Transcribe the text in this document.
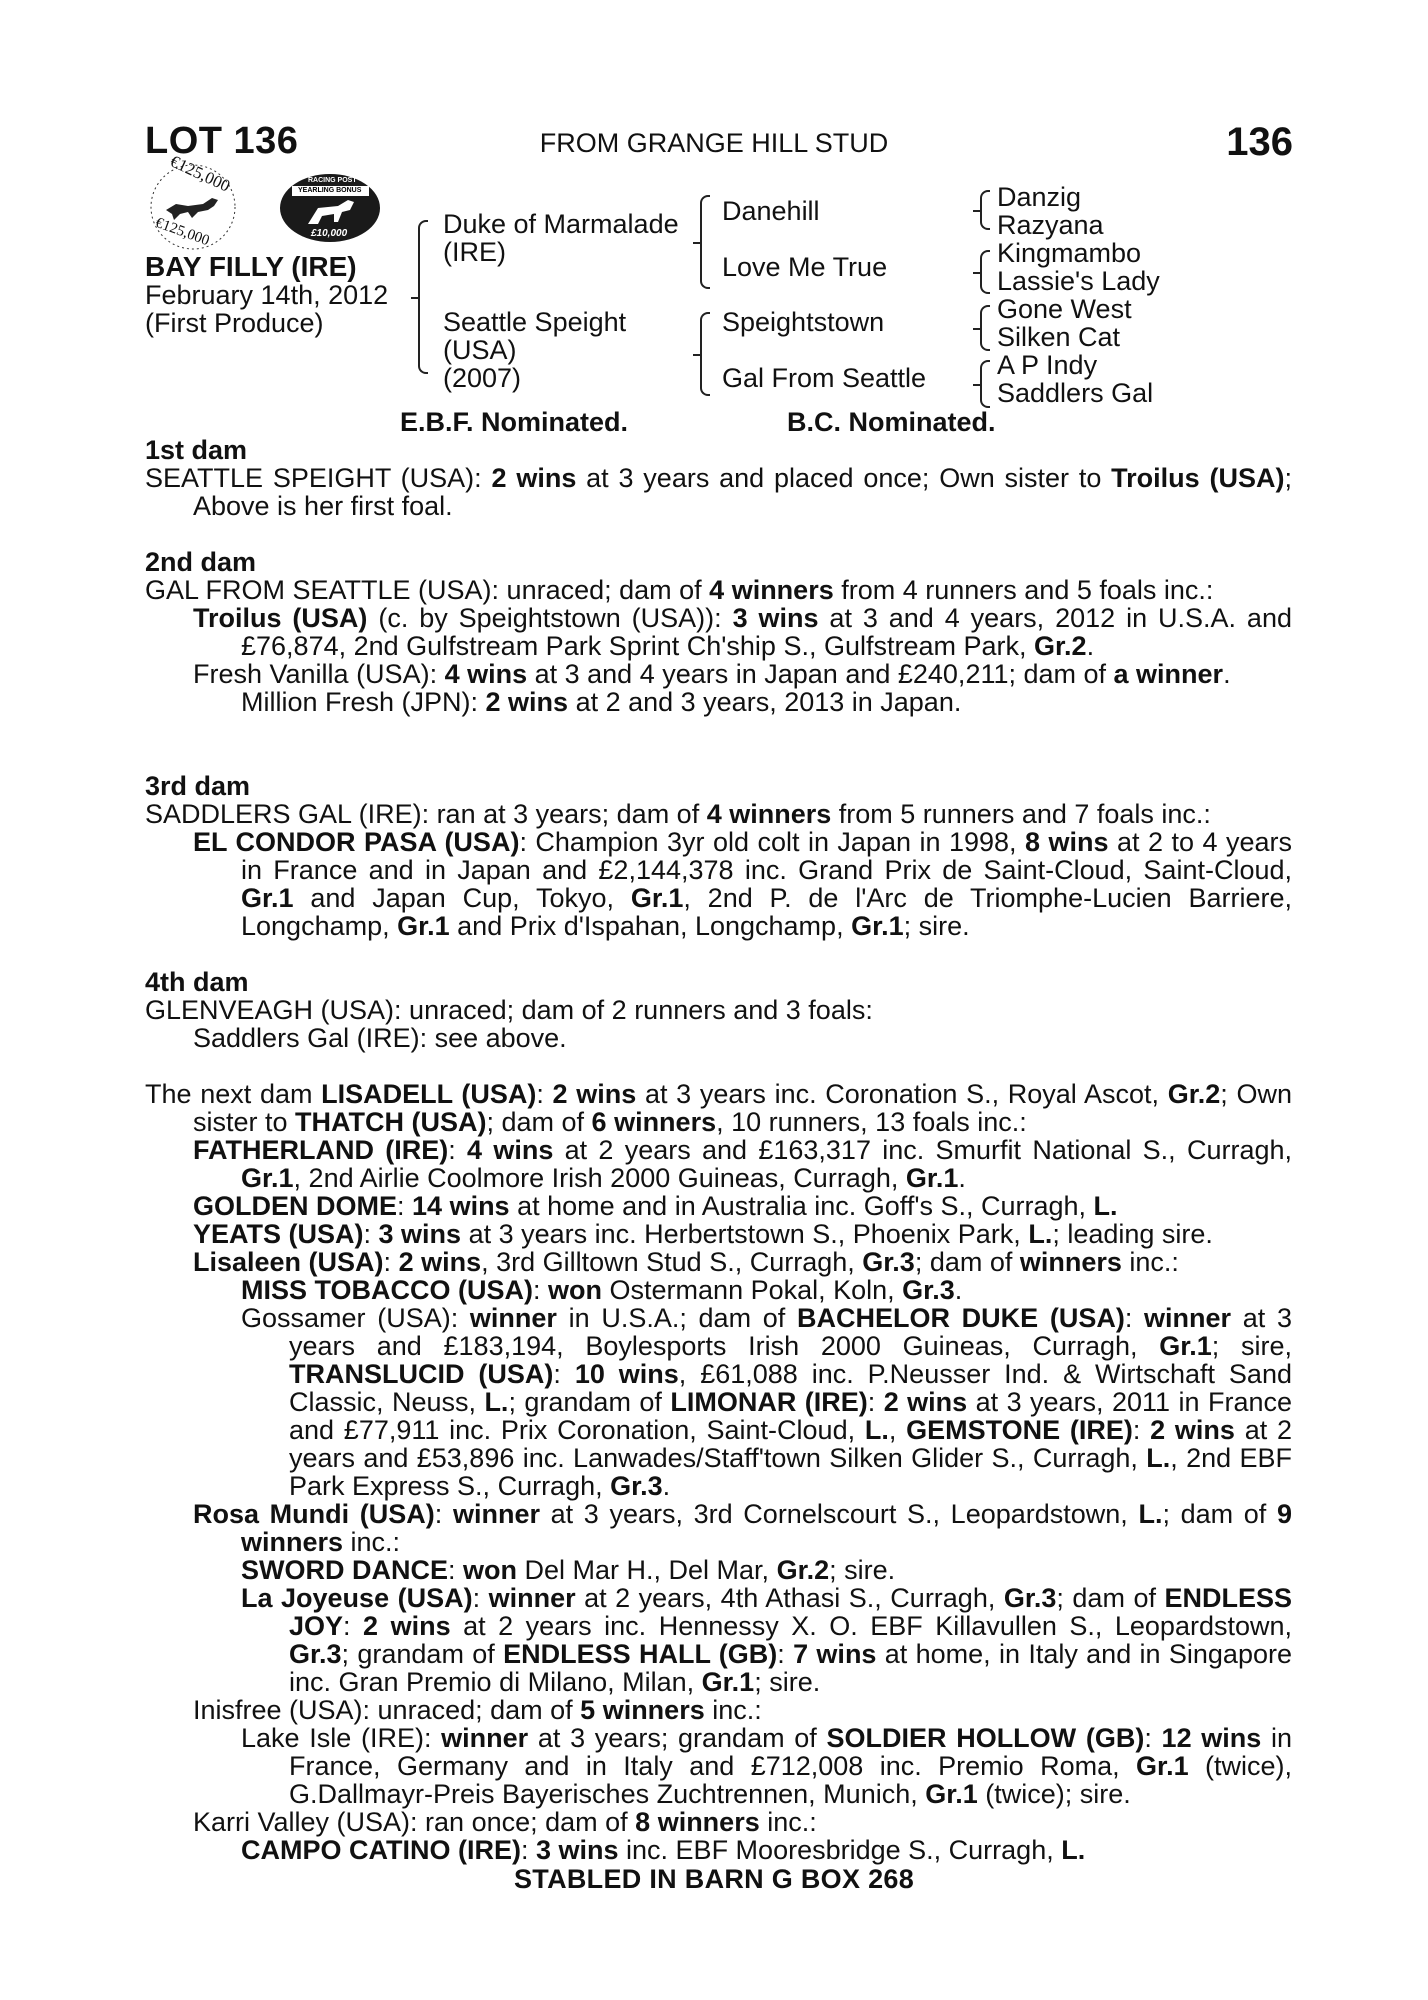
LOT 136	FROM GRANGE HILL STUD	136
€125,000
€125,000
RACING POST
YEARLING BONUS
£10,000
BAY FILLY (IRE)
February 14th, 2012
(First Produce)
Duke of Marmalade
(IRE)
Seattle Speight
(USA)
(2007)
Danehill
Love Me True
Speightstown
Gal From Seattle
Danzig
Razyana
Kingmambo
Lassie's Lady
Gone West
Silken Cat
A P Indy
Saddlers Gal
E.B.F. Nominated.	B.C. Nominated.
1st dam

SEATTLE SPEIGHT (USA): 2 wins at 3 years and placed once; Own sister to Troilus (USA); Above is her first foal.

2nd dam

GAL FROM SEATTLE (USA): unraced; dam of 4 winners from 4 runners and 5 foals inc.:

Troilus (USA) (c. by Speightstown (USA)): 3 wins at 3 and 4 years, 2012 in U.S.A. and £76,874, 2nd Gulfstream Park Sprint Ch'ship S., Gulfstream Park, Gr.2.

Fresh Vanilla (USA): 4 wins at 3 and 4 years in Japan and £240,211; dam of a winner.

Million Fresh (JPN): 2 wins at 2 and 3 years, 2013 in Japan.

3rd dam

SADDLERS GAL (IRE): ran at 3 years; dam of 4 winners from 5 runners and 7 foals inc.:

EL CONDOR PASA (USA): Champion 3yr old colt in Japan in 1998, 8 wins at 2 to 4 years in France and in Japan and £2,144,378 inc. Grand Prix de Saint-Cloud, Saint-Cloud, Gr.1 and Japan Cup, Tokyo, Gr.1, 2nd P. de l'Arc de Triomphe-Lucien Barriere, Longchamp, Gr.1 and Prix d'Ispahan, Longchamp, Gr.1; sire.

4th dam

GLENVEAGH (USA): unraced; dam of 2 runners and 3 foals:

Saddlers Gal (IRE): see above.

The next dam LISADELL (USA): 2 wins at 3 years inc. Coronation S., Royal Ascot, Gr.2; Own sister to THATCH (USA); dam of 6 winners, 10 runners, 13 foals inc.:

FATHERLAND (IRE): 4 wins at 2 years and £163,317 inc. Smurfit National S., Curragh, Gr.1, 2nd Airlie Coolmore Irish 2000 Guineas, Curragh, Gr.1.

GOLDEN DOME: 14 wins at home and in Australia inc. Goff's S., Curragh, L.

YEATS (USA): 3 wins at 3 years inc. Herbertstown S., Phoenix Park, L.; leading sire.

Lisaleen (USA): 2 wins, 3rd Gilltown Stud S., Curragh, Gr.3; dam of winners inc.:

MISS TOBACCO (USA): won Ostermann Pokal, Koln, Gr.3.

Gossamer (USA): winner in U.S.A.; dam of BACHELOR DUKE (USA): winner at 3 years and £183,194, Boylesports Irish 2000 Guineas, Curragh, Gr.1; sire, TRANSLUCID (USA): 10 wins, £61,088 inc. P.Neusser Ind. & Wirtschaft Sand Classic, Neuss, L.; grandam of LIMONAR (IRE): 2 wins at 3 years, 2011 in France and £77,911 inc. Prix Coronation, Saint-Cloud, L., GEMSTONE (IRE): 2 wins at 2 years and £53,896 inc. Lanwades/Staff'town Silken Glider S., Curragh, L., 2nd EBF Park Express S., Curragh, Gr.3.

Rosa Mundi (USA): winner at 3 years, 3rd Cornelscourt S., Leopardstown, L.; dam of 9 winners inc.:

SWORD DANCE: won Del Mar H., Del Mar, Gr.2; sire.

La Joyeuse (USA): winner at 2 years, 4th Athasi S., Curragh, Gr.3; dam of ENDLESS JOY: 2 wins at 2 years inc. Hennessy X. O. EBF Killavullen S., Leopardstown, Gr.3; grandam of ENDLESS HALL (GB): 7 wins at home, in Italy and in Singapore inc. Gran Premio di Milano, Milan, Gr.1; sire.

Inisfree (USA): unraced; dam of 5 winners inc.:

Lake Isle (IRE): winner at 3 years; grandam of SOLDIER HOLLOW (GB): 12 wins in France, Germany and in Italy and £712,008 inc. Premio Roma, Gr.1 (twice), G.Dallmayr-Preis Bayerisches Zuchtrennen, Munich, Gr.1 (twice); sire.

Karri Valley (USA): ran once; dam of 8 winners inc.:

CAMPO CATINO (IRE): 3 wins inc. EBF Mooresbridge S., Curragh, L.

STABLED IN BARN G BOX 268
